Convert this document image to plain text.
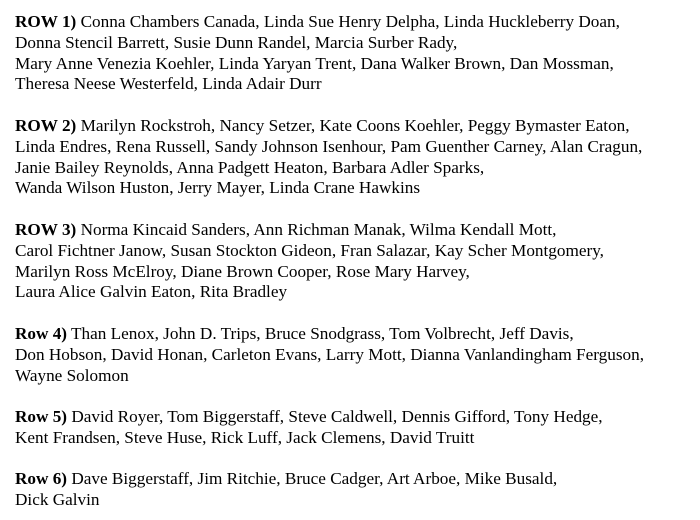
ROW 1) Conna Chambers Canada, Linda Sue Henry Delpha, Linda Huckleberry Doan,
Donna Stencil Barrett, Susie Dunn Randel, Marcia Surber Rady,
Mary Anne Venezia Koehler, Linda Yaryan Trent, Dana Walker Brown, Dan Mossman,
Theresa Neese Westerfeld, Linda Adair Durr

ROW 2) Marilyn Rockstroh, Nancy Setzer, Kate Coons Koehler, Peggy Bymaster Eaton,
Linda Endres, Rena Russell, Sandy Johnson Isenhour, Pam Guenther Carney, Alan Cragun,
Janie Bailey Reynolds, Anna Padgett Heaton, Barbara Adler Sparks,
Wanda Wilson Huston, Jerry Mayer, Linda Crane Hawkins

ROW 3) Norma Kincaid Sanders, Ann Richman Manak, Wilma Kendall Mott,
Carol Fichtner Janow, Susan Stockton Gideon, Fran Salazar, Kay Scher Montgomery,
Marilyn Ross McElroy, Diane Brown Cooper, Rose Mary Harvey,
Laura Alice Galvin Eaton, Rita Bradley

Row 4) Than Lenox, John D. Trips, Bruce Snodgrass, Tom Volbrecht, Jeff Davis,
Don Hobson, David Honan, Carleton Evans, Larry Mott, Dianna Vanlandingham Ferguson,
Wayne Solomon

Row 5) David Royer, Tom Biggerstaff, Steve Caldwell, Dennis Gifford, Tony Hedge,
Kent Frandsen, Steve Huse, Rick Luff, Jack Clemens, David Truitt

Row 6) Dave Biggerstaff, Jim Ritchie, Bruce Cadger, Art Arboe, Mike Busald,
Dick Galvin
